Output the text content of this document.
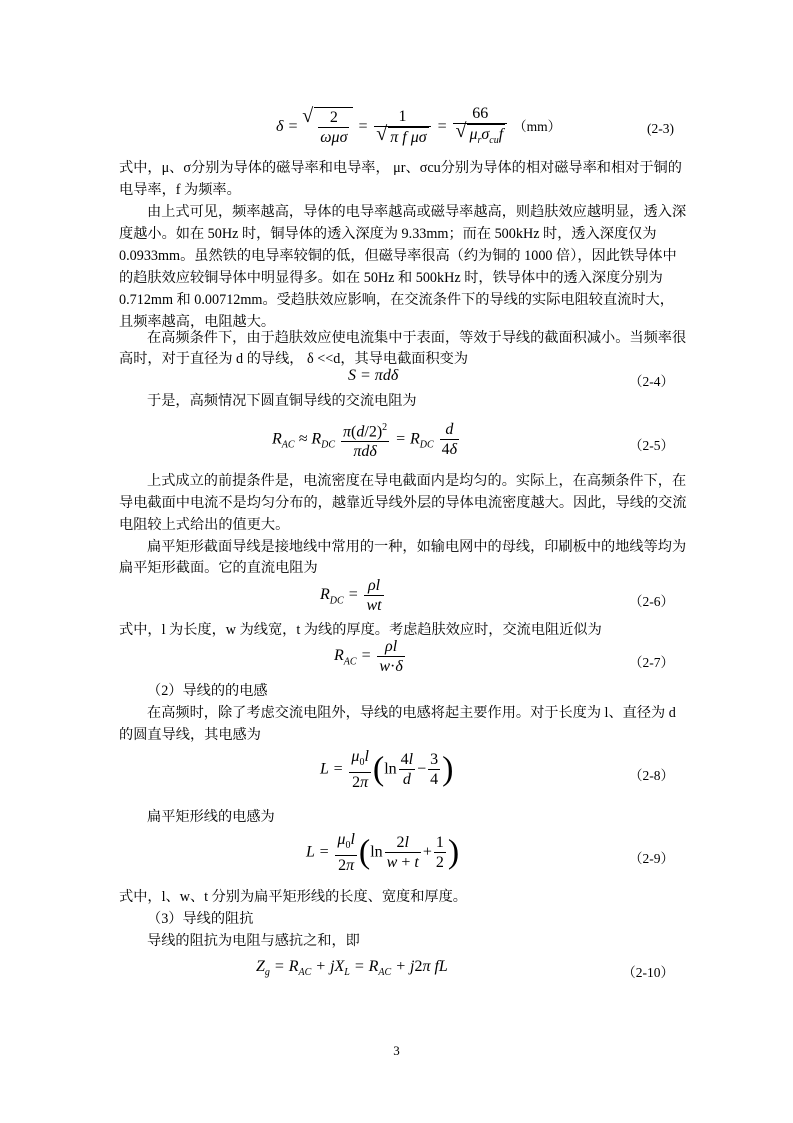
δ =
√ $\frac{2}{\text{ωμσ}} = 1$
√ π f μσ = 66
√ $\mu_r\sigma_{cu}f$ （mm）	(2-3)
式中，μ、σ分别为导体的磁导率和电导率， μr、σcu分别为导体的相对磁导率和相对于铜的
电导率，f 为频率。
由上式可见，频率越高，导体的电导率越高或磁导率越高，则趋肤效应越明显，透入深
度越小。如在 50Hz 时，铜导体的透入深度为 9.33mm；而在 500kHz 时，透入深度仅为
0.0933mm。虽然铁的电导率较铜的低，但磁导率很高（约为铜的 1000 倍），因此铁导体中
的趋肤效应较铜导体中明显得多。如在 50Hz 和 500kHz 时，铁导体中的透入深度分别为
0.712mm 和 0.00712mm。受趋肤效应影响，在交流条件下的导线的实际电阻较直流时大，
且频率越高，电阻越大。
在高频条件下，由于趋肤效应使电流集中于表面，等效于导线的截面积减小。当频率很
高时，对于直径为 d 的导线， δ <<d，其导电截面积变为
S = πdδ	（2-4）
于是，高频情况下圆直铜导线的交流电阻为
$R_{AC} \approx R_{DC} \frac{\pi(d/2)^2}{\text{πdδ}} = R_{DC} \frac{d}{4\delta}$	（2-5）
上式成立的前提条件是，电流密度在导电截面内是均匀的。实际上，在高频条件下，在
导电截面中电流不是均匀分布的，越靠近导线外层的导体电流密度越大。因此，导线的交流
电阻较上式给出的值更大。
扁平矩形截面导线是接地线中常用的一种，如输电网中的母线，印刷板中的地线等均为
扁平矩形截面。它的直流电阻为
$R_{DC} = \frac{\rho l}{wt}$	（2-6）
式中，l 为长度，w 为线宽，t 为线的厚度。考虑趋肤效应时，交流电阻近似为
$R_{AC} = \frac{\rho l}{w\cdot\delta}$	（2-7）
（2）导线的的电感
在高频时，除了考虑交流电阻外，导线的电感将起主要作用。对于长度为 l、直径为 d
的圆直导线，其电感为
$L = \frac{\mu_0l}{2\pi} (\ln \frac{4l}{d} - \frac{3}{4}$ )	（2-8）
扁平矩形线的电感为
$L = \frac{\mu_0l}{2\pi} (\ln \frac{2l}{w + t} + \frac{1}{2}$ )	（2-9）
式中，l、w、t 分别为扁平矩形线的长度、宽度和厚度。
（3）导线的阻抗
导线的阻抗为电阻与感抗之和，即
$Z_g = R_{AC} + jX_L = R_{AC} + j2\pi$ fL	（2-10）
3
